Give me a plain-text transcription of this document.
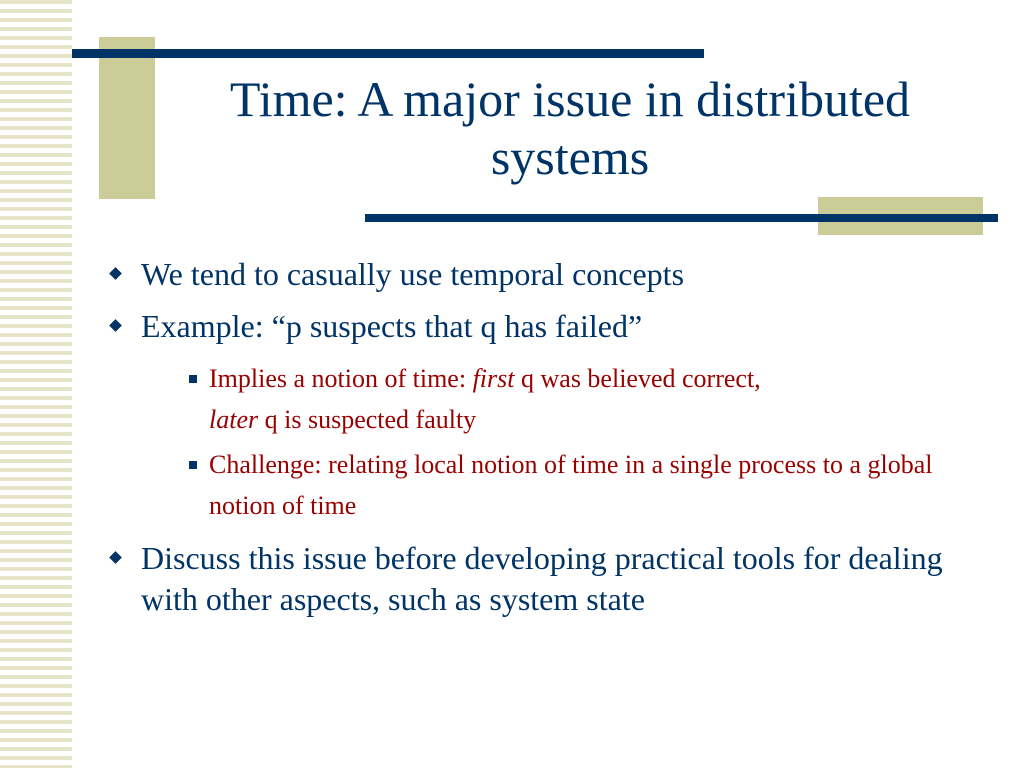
Time: A major issue in distributed systems
We tend to casually use temporal concepts
Example: “p suspects that q has failed”
Implies a notion of time: first q was believed correct,
later q is suspected faulty
Challenge: relating local notion of time in a single process to a global notion of time
Discuss this issue before developing practical tools for dealing with other aspects, such as system state
